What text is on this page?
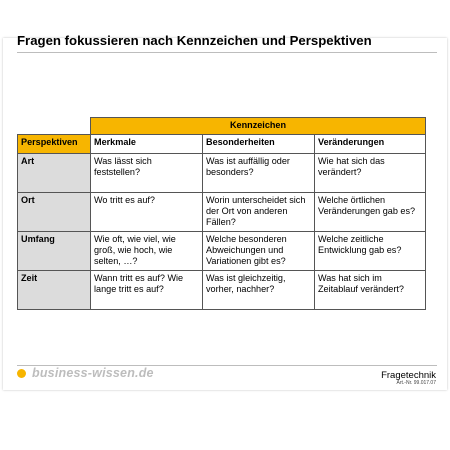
Fragen fokussieren nach Kennzeichen und Perspektiven
	Kennzeichen		
Perspektiven	Merkmale	Besonderheiten	Veränderungen
Art	Was lässt sich feststellen?	Was ist auffällig oder besonders?	Wie hat sich das verändert?
Ort	Wo tritt es auf?	Worin unterscheidet sich der Ort von anderen Fällen?	Welche örtlichen Veränderungen gab es?
Umfang	Wie oft, wie viel, wie groß, wie hoch, wie selten, …?	Welche besonderen Abweichungen und Variationen gibt es?	Welche zeitliche Entwicklung gab es?
Zeit	Wann tritt es auf? Wie lange tritt es auf?	Was ist gleichzeitig, vorher, nachher?	Was hat sich im Zeitablauf verändert?
business-wissen.de	Fragetechnik
Art.-Nr. 99.017.07
